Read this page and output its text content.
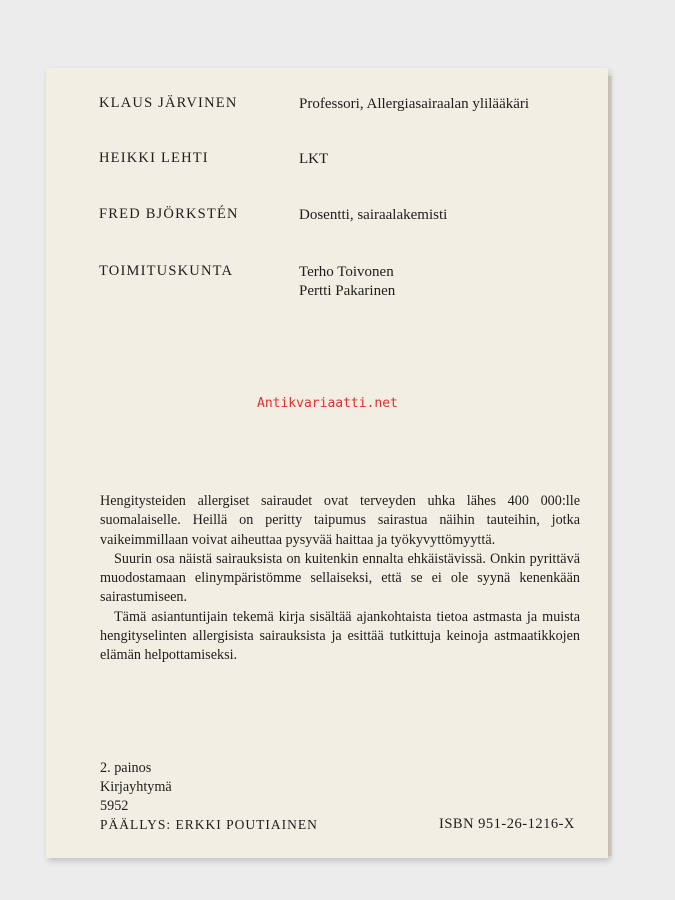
KLAUS JÄRVINEN	Professori, Allergiasairaalan ylilääkäri
HEIKKI LEHTI	LKT
FRED BJÖRKSTÉN	Dosentti, sairaalakemisti
TOIMITUSKUNTA	Terho Toivonen
Pertti Pakarinen
Antikvariaatti.net

Hengitysteiden allergiset sairaudet ovat terveyden uhka lähes 400 000:lle suomalaiselle. Heillä on peritty taipumus sairastua näihin tauteihin, jotka vaikeimmillaan voivat aiheuttaa pysyvää haittaa ja työkyvyttömyyttä.

Suurin osa näistä sairauksista on kuitenkin ennalta ehkäistävissä. Onkin pyrittävä muodostamaan elinympäristömme sellaiseksi, että se ei ole syynä kenenkään sairastumiseen.

Tämä asiantuntijain tekemä kirja sisältää ajankohtaista tietoa astmasta ja muista hengityselinten allergisista sairauksista ja esittää tutkittuja keinoja astmaatikkojen elämän helpottamiseksi.

2. painos
Kirjayhtymä
5952
PÄÄLLYS: ERKKI POUTIAINEN	ISBN 951-26-1216-X
